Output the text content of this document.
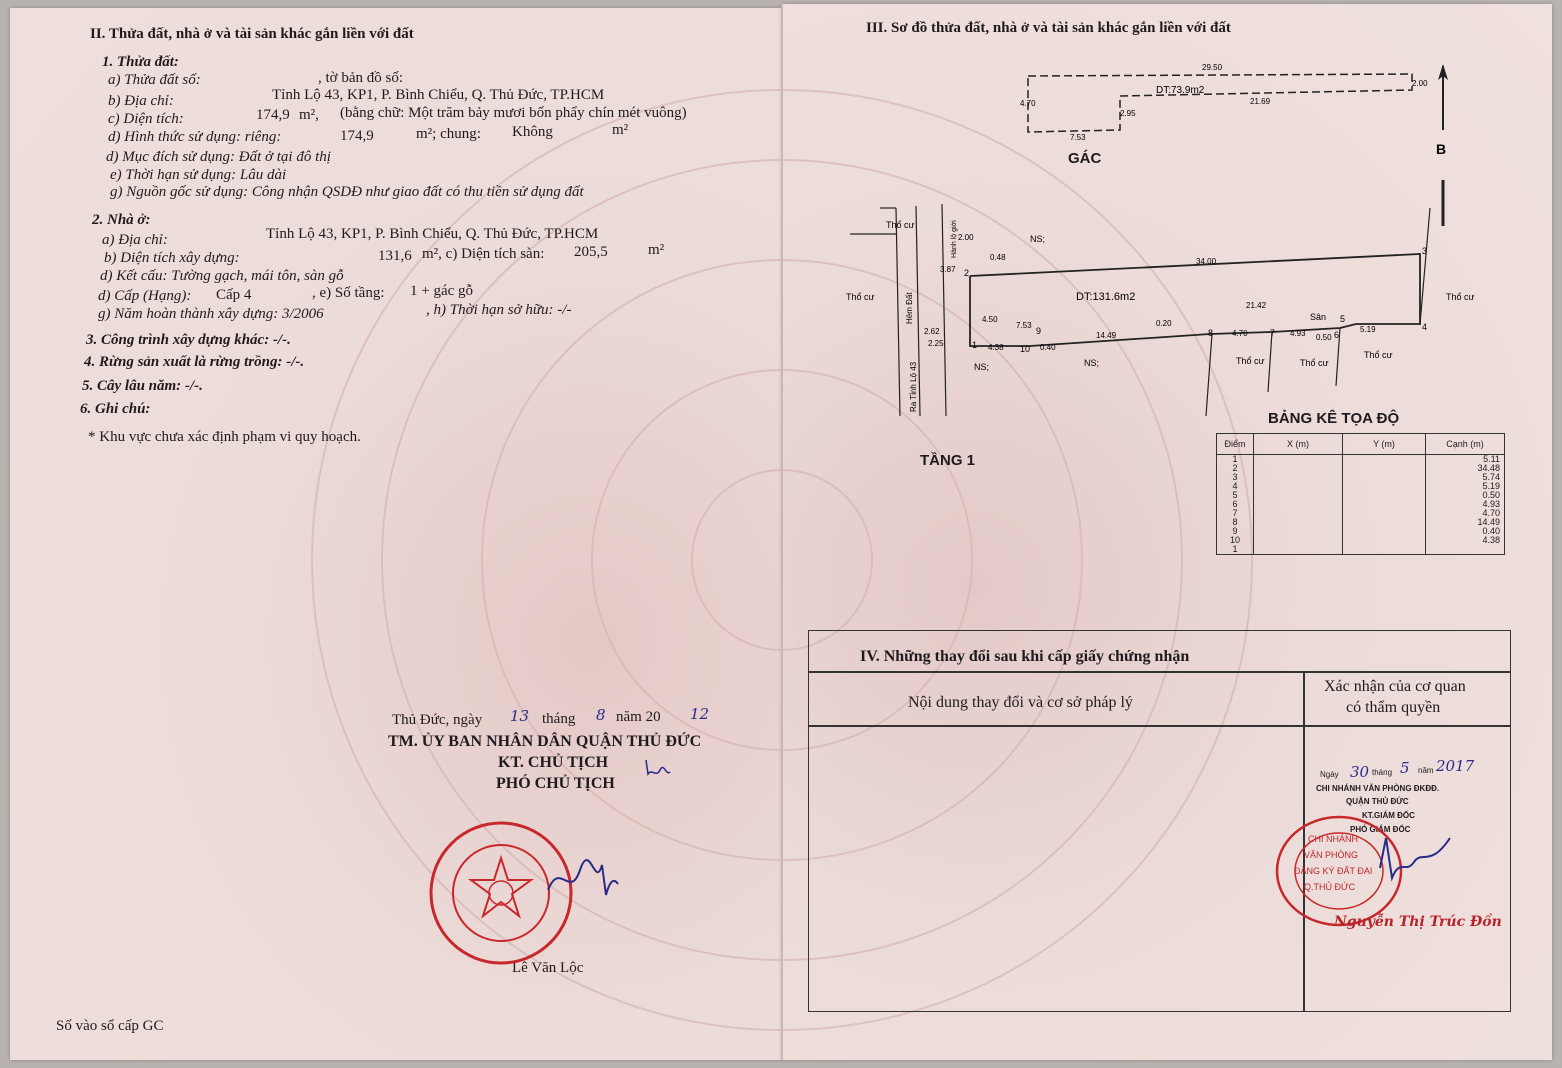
II. Thửa đất, nhà ở và tài sản khác gắn liền với đất
1. Thửa đất:
a) Thửa đất số:	, tờ bản đồ số:
b) Địa chỉ:	Tỉnh Lộ 43, KP1, P. Bình Chiểu, Q. Thủ Đức, TP.HCM
c) Diện tích:	174,9 m², (bằng chữ: Một trăm bảy mươi bốn phẩy chín mét vuông)
d) Hình thức sử dụng: riêng:	174,9	m²; chung: Không	m²
d) Mục đích sử dụng: Đất ở tại đô thị
e) Thời hạn sử dụng: Lâu dài
g) Nguồn gốc sử dụng: Công nhận QSDĐ như giao đất có thu tiền sử dụng đất
2. Nhà ở:
a) Địa chỉ:	Tỉnh Lộ 43, KP1, P. Bình Chiểu, Q. Thủ Đức, TP.HCM
b) Diện tích xây dựng:	131,6 m², c) Diện tích sàn: 205,5	m²
d) Kết cấu: Tường gạch, mái tôn, sàn gỗ
d) Cấp (Hạng): Cấp 4	, e) Số tầng: 1 + gác gỗ
g) Năm hoàn thành xây dựng: 3/2006	, h) Thời hạn sở hữu: -/-
3. Công trình xây dựng khác: -/-.
4. Rừng sản xuất là rừng trồng: -/-.
5. Cây lâu năm: -/-.
6. Ghi chú:
* Khu vực chưa xác định phạm vi quy hoạch.
Thủ Đức, ngày 13 tháng 8 năm 20 12
TM. ỦY BAN NHÂN DÂN QUẬN THỦ ĐỨC
KT. CHỦ TỊCH
PHÓ CHỦ TỊCH
Lê Văn Lộc
Số vào sổ cấp GC
III. Sơ đồ thửa đất, nhà ở và tài sản khác gắn liền với đất
DT:73.9m2
29.50
21.69
7.53
4.70
2.95
2.00
GÁC
B
DT:131.6m2
34.00
21.42
7.53
14.49
0.20
4.50
0.48
3.87
2.62
2.25
2.00
0.40
4.38
4.70	4.93 0.50
5.19
2
3
4
5
6
7
8
9
10
1
Thổ cư
Thổ cư	Thổ cư
Thổ cư	Thổ cư
Thổ cư
NS;
NS;	NS;
Sân
Hẻm Đất
Ra Tỉnh Lộ 43
Hành lộ giới
TẦNG 1
BẢNG KÊ TỌA ĐỘ
Điểm	X (m)	Y (m)	Cạnh (m)
1			5.11
2			34.48
3			5.74
4			5.19
5			0.50
6			4.93
7			4.70
8			14.49
9			0.40
10			4.38
1			
IV. Những thay đổi sau khi cấp giấy chứng nhận
Nội dung thay đổi và cơ sở pháp lý
Xác nhận của cơ quan
có thẩm quyền
Ngày 30 tháng 5 năm 2017
CHI NHÁNH VĂN PHÒNG ĐKĐĐ.
QUẬN THỦ ĐỨC
KT.GIÁM ĐỐC
PHÓ GIÁM ĐỐC
CHI NHÁNH
VĂN PHÒNG
ĐĂNG KÝ ĐẤT ĐAI
Q.THỦ ĐỨC
Nguyễn Thị Trúc Đồn
